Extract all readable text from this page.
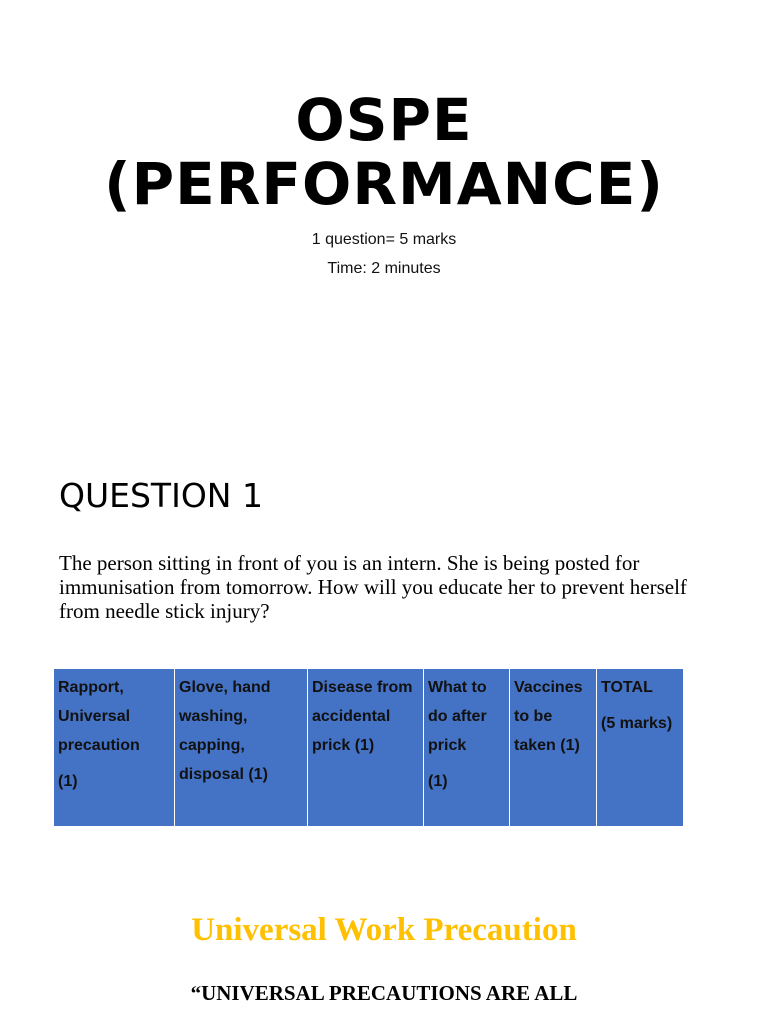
OSPE
(PERFORMANCE)
1 question= 5 marks
Time: 2 minutes
QUESTION 1
The person sitting in front of you is an intern. She is being posted for immunisation from tomorrow. How will you educate her to prevent herself from needle stick injury?
Rapport,
Universal
precaution
(1)

Glove, hand
washing,
capping,
disposal (1)

Disease from
accidental
prick (1)

What to
do after
prick
(1)

Vaccines
to be
taken (1)

TOTAL
(5 marks)
Universal Work Precaution
“UNIVERSAL PRECAUTIONS ARE ALL
